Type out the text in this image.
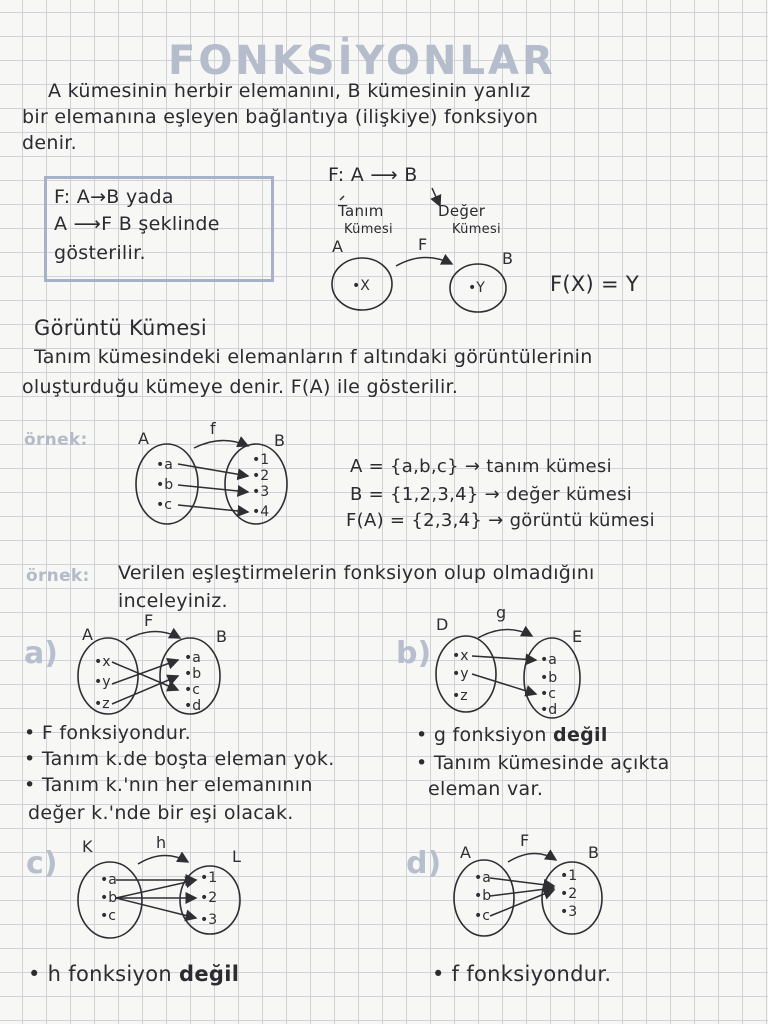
FONKSİYONLAR
A kümesinin herbir elemanını, B kümesinin yanlız
bir elemanına eşleyen bağlantıya (ilişkiye) fonksiyon
denir.
F: A→B yada
A ⟶F B şeklinde
gösterilir.
F: A ⟶ B
Tanım
Kümesi
Değer
Kümesi
F(X) = Y
Görüntü Kümesi
Tanım kümesindeki elemanların f altındaki görüntülerinin
oluşturduğu kümeye denir. F(A) ile gösterilir.
örnek:
A = {a,b,c} → tanım kümesi
B = {1,2,3,4} → değer kümesi
F(A) = {2,3,4} → görüntü kümesi
örnek: Verilen eşleştirmelerin fonksiyon olup olmadığını
inceleyiniz.
a)	b)
c)	d)
• F fonksiyondur.
• Tanım k.de boşta eleman yok.
• Tanım k.'nın her elemanının
değer k.'nde bir eşi olacak.
• g fonksiyon değil
• Tanım kümesinde açıkta
eleman var.
• h fonksiyon değil	• f fonksiyondur.
A
B
F
•X	•Y
A	B
f
•a
•b
•c
•1
•2
•3
•4
A	B
F
•x
•y
•z
•a
•b
•c
•d
D
E
g
•x
•y
•z
•a
•b
•c
•d
K
L
h
•a
•b
•c
•1
•2
•3
A	B
F
•a
•b
•c
•1
•2
•3
